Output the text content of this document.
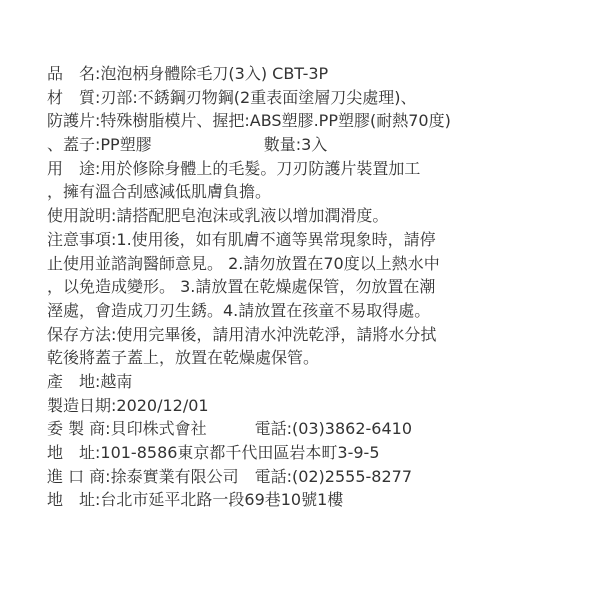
品　名:泡泡柄身體除毛刀(3入) CBT-3P
材　質:刃部:不銹鋼刃物鋼(2重表面塗層刀尖處理)、
防護片:特殊樹脂模片、握把:ABS塑膠.PP塑膠(耐熱70度)
、蓋子:PP塑膠　　　　　　　數量:3入
用　途:用於修除身體上的毛髮。刀刃防護片裝置加工
，擁有溫合刮感減低肌膚負擔。
使用說明:請搭配肥皂泡沫或乳液以增加潤滑度。
注意事項:1.使用後，如有肌膚不適等異常現象時，請停
止使用並諮詢醫師意見。 2.請勿放置在70度以上熱水中
，以免造成變形。 3.請放置在乾燥處保管，勿放置在潮
溼處，會造成刀刃生銹。4.請放置在孩童不易取得處。
保存方法:使用完畢後，請用清水沖洗乾淨，請將水分拭
乾後將蓋子蓋上，放置在乾燥處保管。
產　地:越南
製造日期:2020/12/01
委 製 商:貝印株式會社　　　電話:(03)3862-6410
地　址:101-8586東京都千代田區岩本町3-9-5
進 口 商:捈泰實業有限公司　電話:(02)2555-8277
地　址:台北市延平北路一段69巷10號1樓
